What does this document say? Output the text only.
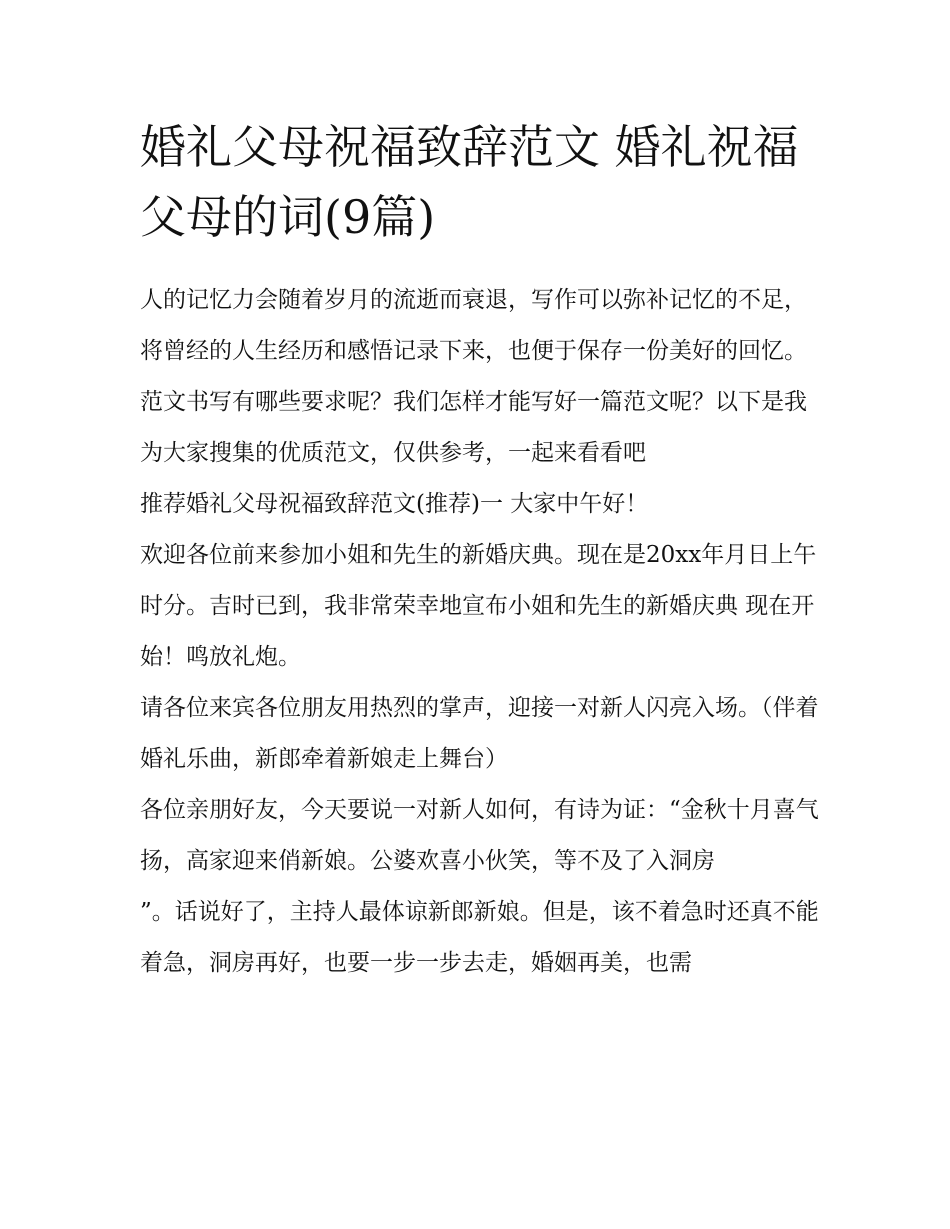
婚礼父母祝福致辞范文 婚礼祝福父母的词(9篇)

人的记忆力会随着岁月的流逝而衰退，写作可以弥补记忆的不足，将曾经的人生经历和感悟记录下来，也便于保存一份美好的回忆。范文书写有哪些要求呢？我们怎样才能写好一篇范文呢？以下是我为大家搜集的优质范文，仅供参考，一起来看看吧

推荐婚礼父母祝福致辞范文(推荐)一 大家中午好！

欢迎各位前来参加小姐和先生的新婚庆典。现在是20xx年月日上午时分。吉时已到，我非常荣幸地宣布小姐和先生的新婚庆典 现在开始！鸣放礼炮。

请各位来宾各位朋友用热烈的掌声，迎接一对新人闪亮入场。（伴着婚礼乐曲，新郎牵着新娘走上舞台）

各位亲朋好友，今天要说一对新人如何，有诗为证：“金秋十月喜气扬，高家迎来俏新娘。公婆欢喜小伙笑，等不及了入洞房

”。话说好了，主持人最体谅新郎新娘。但是，该不着急时还真不能着急，洞房再好，也要一步一步去走，婚姻再美，也需
